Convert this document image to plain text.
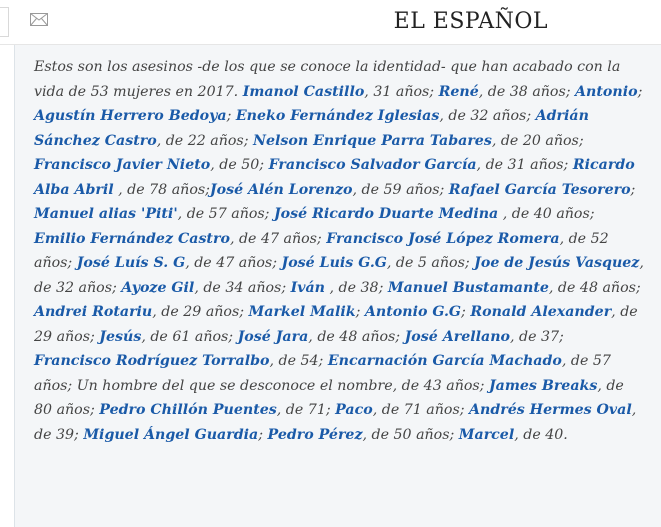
EL ESPAÑOL

Estos son los asesinos -de los que se conoce la identidad- que han acabado con la vida de 53 mujeres en 2017. Imanol Castillo, 31 años; René, de 38 años; Antonio; Agustín Herrero Bedoya; Eneko Fernández Iglesias, de 32 años; Adrián Sánchez Castro, de 22 años; Nelson Enrique Parra Tabares, de 20 años; Francisco Javier Nieto, de 50; Francisco Salvador García, de 31 años; Ricardo Alba Abril , de 78 años;José Alén Lorenzo, de 59 años; Rafael García Tesorero; Manuel alias 'Piti', de 57 años; José Ricardo Duarte Medina , de 40 años; Emilio Fernández Castro, de 47 años; Francisco José López Romera, de 52 años; José Luís S. G, de 47 años; José Luis G.G, de 5 años; Joe de Jesús Vasquez, de 32 años; Ayoze Gil, de 34 años; Iván , de 38; Manuel Bustamante, de 48 años; Andrei Rotariu, de 29 años; Markel Malik; Antonio G.G; Ronald Alexander, de 29 años; Jesús, de 61 años; José Jara, de 48 años; José Arellano, de 37; Francisco Rodríguez Torralbo, de 54; Encarnación García Machado, de 57 años; Un hombre del que se desconoce el nombre, de 43 años; James Breaks, de 80 años; Pedro Chillón Puentes, de 71; Paco, de 71 años; Andrés Hermes Oval, de 39; Miguel Ángel Guardia; Pedro Pérez, de 50 años; Marcel, de 40.
